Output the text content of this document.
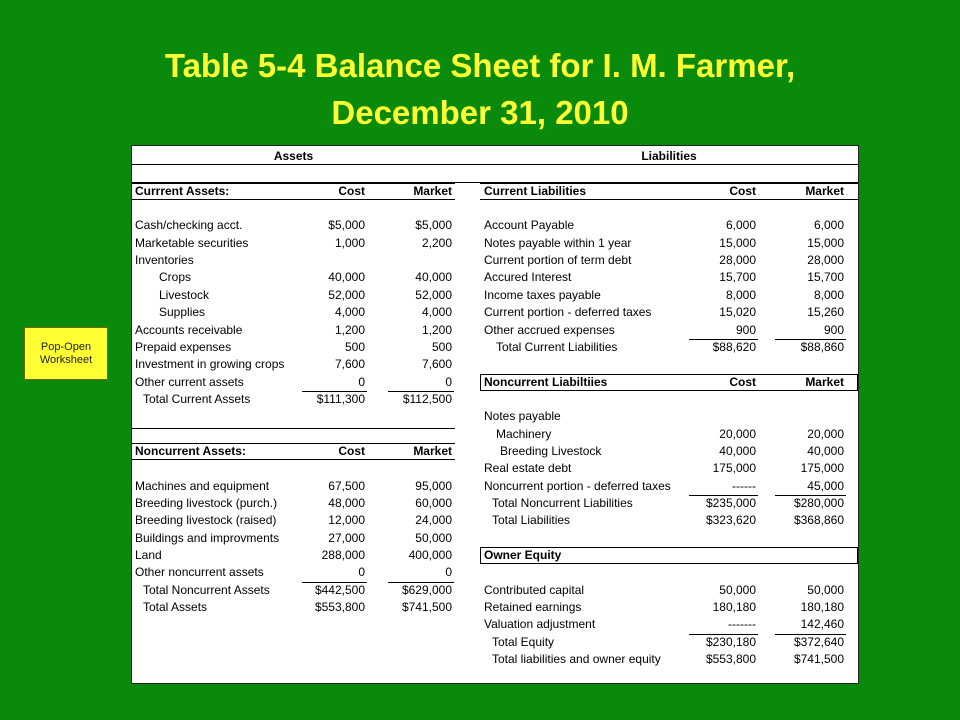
Table 5-4 Balance Sheet for I. M. Farmer,
December 31, 2010
Pop-Open
Worksheet
Assets	Liabilities
Currrent Assets:	Cost	Market
Cash/checking acct.	$5,000	$5,000
Marketable securities	1,000	2,200
Inventories
Crops	40,000	40,000
Livestock	52,000	52,000
Supplies	4,000	4,000
Accounts receivable	1,200	1,200
Prepaid expenses	500	500
Investment in growing crops	7,600	7,600
Other current assets	0	0
Total Current Assets	$111,300	$112,500
Noncurrent Assets:	Cost	Market
Machines and equipment	67,500	95,000
Breeding livestock (purch.)	48,000	60,000
Breeding livestock (raised)	12,000	24,000
Buildings and improvments	27,000	50,000
Land	288,000	400,000
Other noncurrent assets	0	0
Total Noncurrent Assets	$442,500	$629,000
Total Assets	$553,800	$741,500
Current Liabilities	Cost	Market
Account Payable	6,000	6,000
Notes payable within 1 year	15,000	15,000
Current portion of term debt	28,000	28,000
Accured Interest	15,700	15,700
Income taxes payable	8,000	8,000
Current portion - deferred taxes	15,020	15,260
Other accrued expenses	900	900
Total Current Liabilities	$88,620	$88,860
Noncurrent Liabiltiies	Cost	Market
Notes payable
Machinery	20,000	20,000
Breeding Livestock	40,000	40,000
Real estate debt	175,000	175,000
Noncurrent portion - deferred taxes	------	45,000
Total Noncurrent Liabilities	$235,000	$280,000
Total Liabilities	$323,620	$368,860
Owner Equity
Contributed capital	50,000	50,000
Retained earnings	180,180	180,180
Valuation adjustment	-------	142,460
Total Equity	$230,180	$372,640
Total liabilities and owner equity	$553,800	$741,500
